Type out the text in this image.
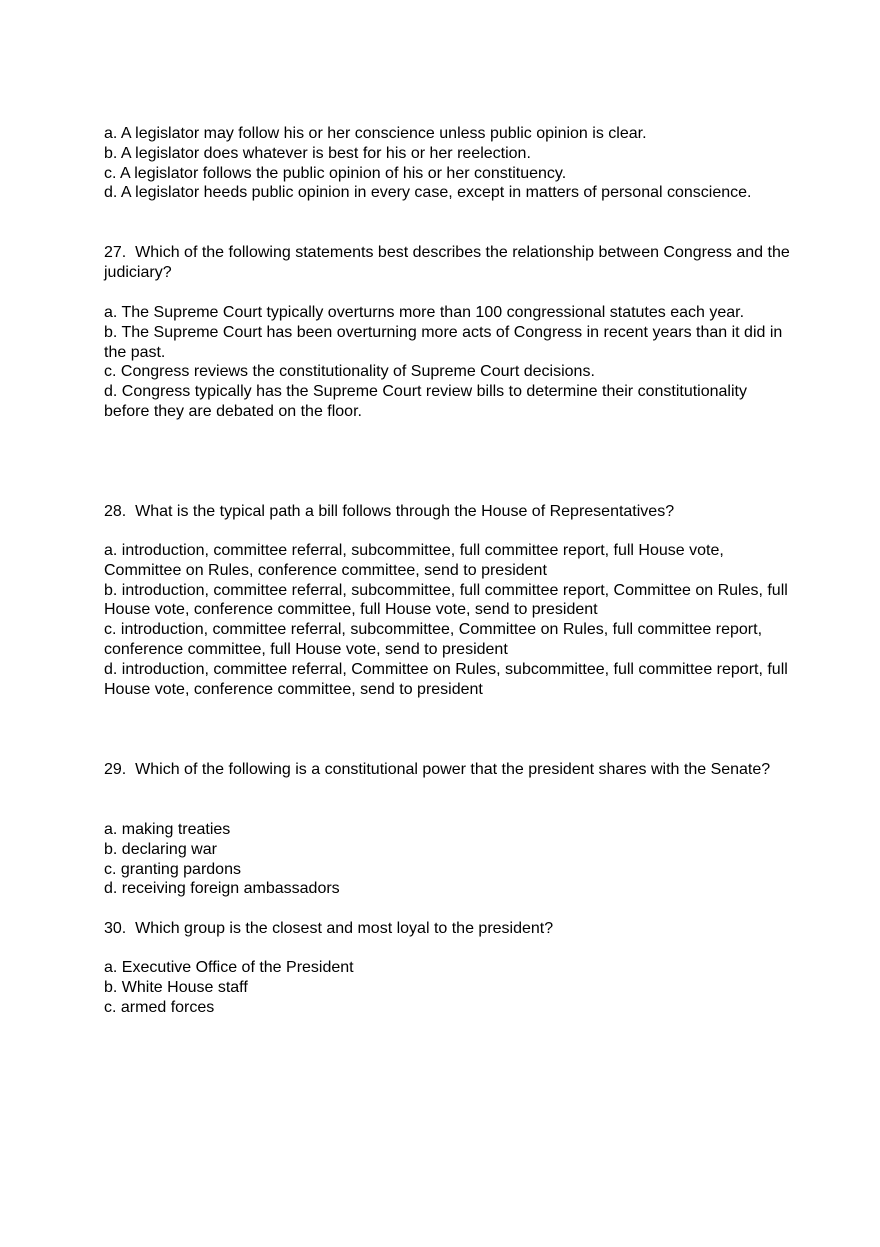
a. A legislator may follow his or her conscience unless public opinion is clear.
b. A legislator does whatever is best for his or her reelection.
c. A legislator follows the public opinion of his or her constituency.
d. A legislator heeds public opinion in every case, except in matters of personal conscience.
27. Which of the following statements best describes the relationship between Congress and the judiciary?
a. The Supreme Court typically overturns more than 100 congressional statutes each year.
b. The Supreme Court has been overturning more acts of Congress in recent years than it did in the past.
c. Congress reviews the constitutionality of Supreme Court decisions.
d. Congress typically has the Supreme Court review bills to determine their constitutionality before they are debated on the floor.
28. What is the typical path a bill follows through the House of Representatives?
a. introduction, committee referral, subcommittee, full committee report, full House vote, Committee on Rules, conference committee, send to president
b. introduction, committee referral, subcommittee, full committee report, Committee on Rules, full House vote, conference committee, full House vote, send to president
c. introduction, committee referral, subcommittee, Committee on Rules, full committee report, conference committee, full House vote, send to president
d. introduction, committee referral, Committee on Rules, subcommittee, full committee report, full House vote, conference committee, send to president
29. Which of the following is a constitutional power that the president shares with the Senate?
a. making treaties
b. declaring war
c. granting pardons
d. receiving foreign ambassadors
30. Which group is the closest and most loyal to the president?
a. Executive Office of the President
b. White House staff
c. armed forces
